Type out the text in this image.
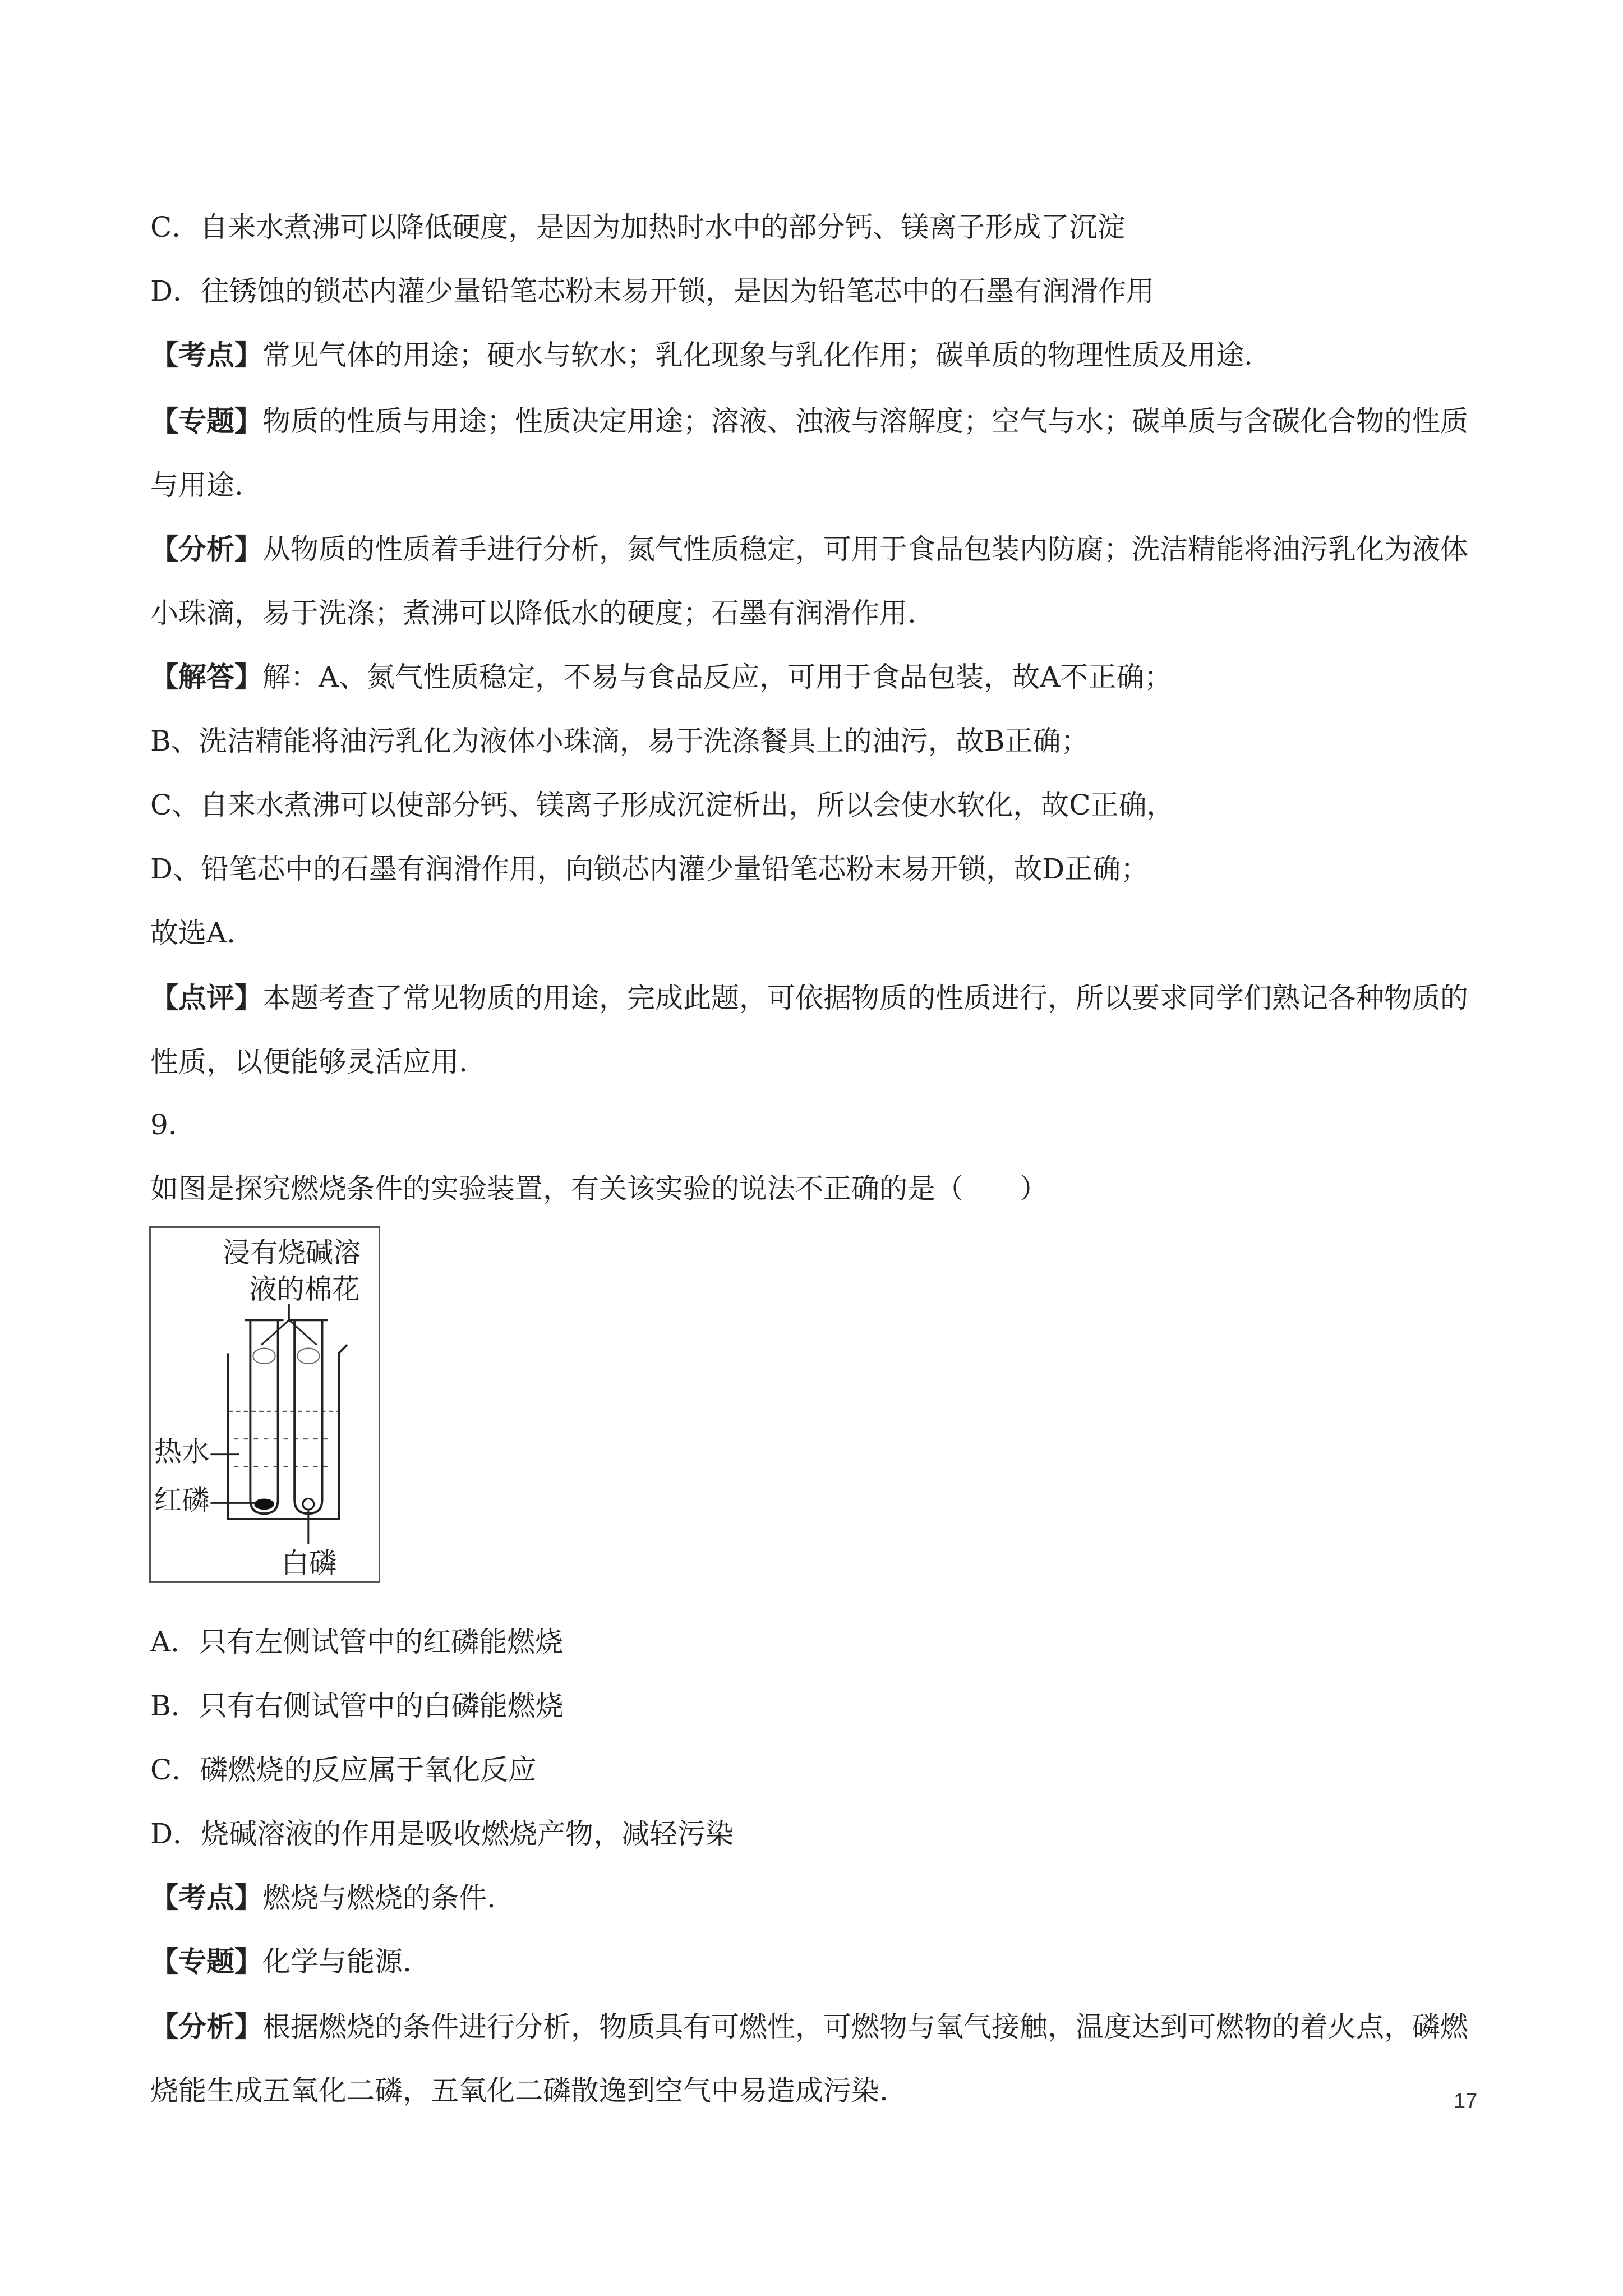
C．自来水煮沸可以降低硬度，是因为加热时水中的部分钙、镁离子形成了沉淀

D．往锈蚀的锁芯内灌少量铅笔芯粉末易开锁，是因为铅笔芯中的石墨有润滑作用

【考点】常见气体的用途；硬水与软水；乳化现象与乳化作用；碳单质的物理性质及用途.

【专题】物质的性质与用途；性质决定用途；溶液、浊液与溶解度；空气与水；碳单质与含碳化合物的性质与用途.

【分析】从物质的性质着手进行分析，氮气性质稳定，可用于食品包装内防腐；洗洁精能将油污乳化为液体小珠滴，易于洗涤；煮沸可以降低水的硬度；石墨有润滑作用.

【解答】解：A、氮气性质稳定，不易与食品反应，可用于食品包装，故A不正确；

B、洗洁精能将油污乳化为液体小珠滴，易于洗涤餐具上的油污，故B正确；

C、自来水煮沸可以使部分钙、镁离子形成沉淀析出，所以会使水软化，故C正确，

D、铅笔芯中的石墨有润滑作用，向锁芯内灌少量铅笔芯粉末易开锁，故D正确；

故选A.

【点评】本题考查了常见物质的用途，完成此题，可依据物质的性质进行，所以要求同学们熟记各种物质的性质，以便能够灵活应用.

9.

如图是探究燃烧条件的实验装置，有关该实验的说法不正确的是（　　）

浸有烧碱溶
液的棉花
热水
红磷
白磷

A．只有左侧试管中的红磷能燃烧

B．只有右侧试管中的白磷能燃烧

C．磷燃烧的反应属于氧化反应

D．烧碱溶液的作用是吸收燃烧产物，减轻污染

【考点】燃烧与燃烧的条件.

【专题】化学与能源.

【分析】根据燃烧的条件进行分析，物质具有可燃性，可燃物与氧气接触，温度达到可燃物的着火点，磷燃烧能生成五氧化二磷，五氧化二磷散逸到空气中易造成污染.	17
